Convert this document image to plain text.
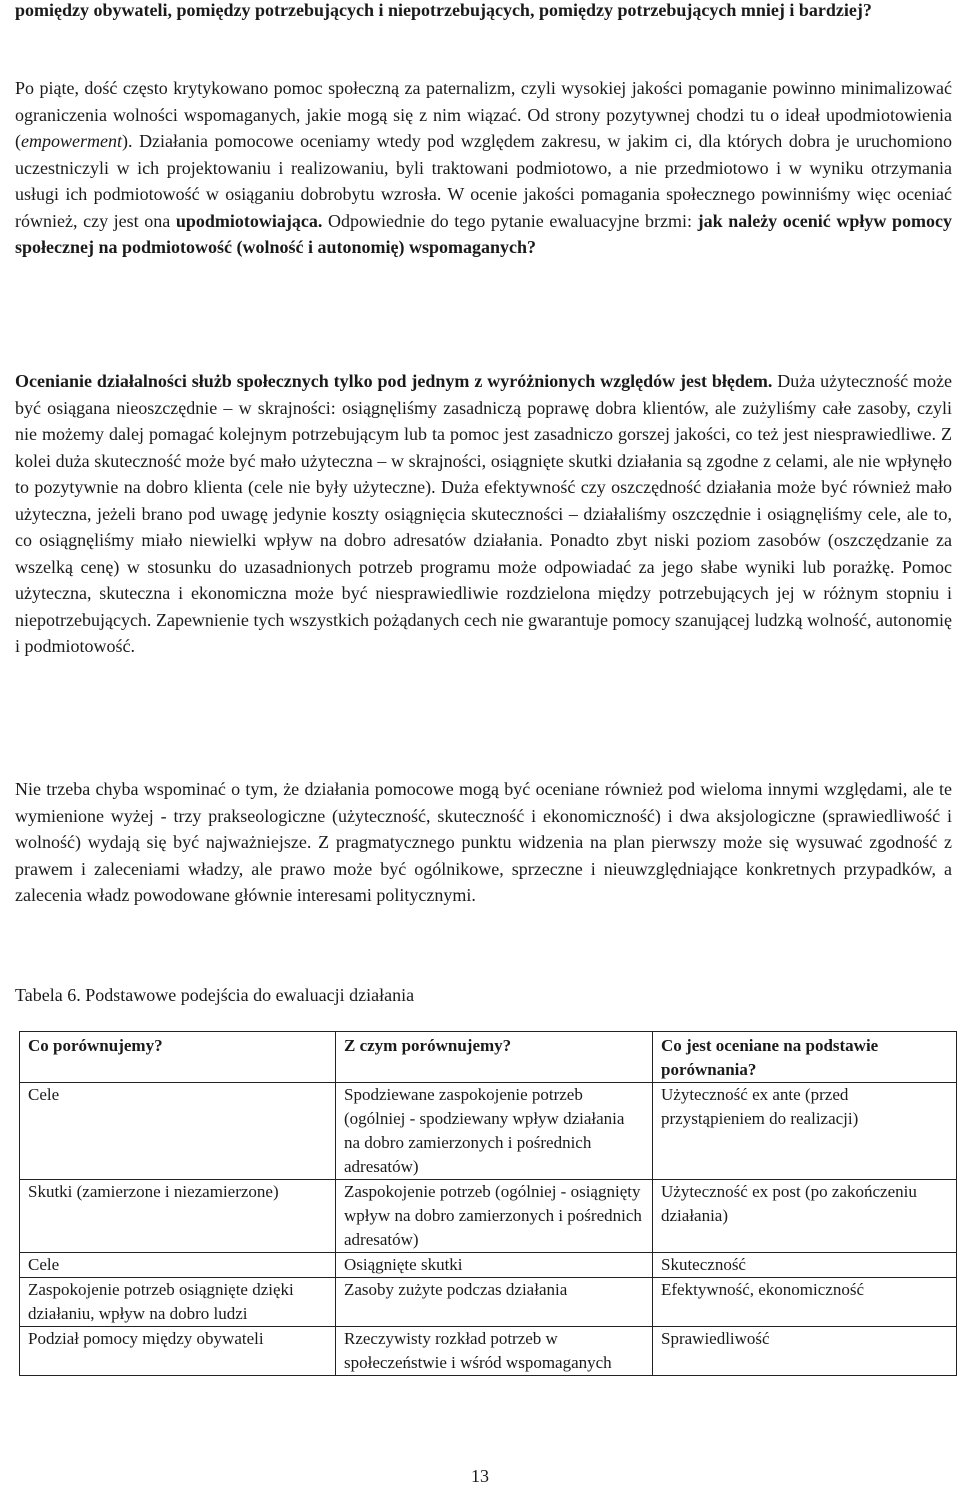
pomiędzy obywateli, pomiędzy potrzebujących i niepotrzebujących, pomiędzy potrzebujących mniej i bardziej?

Po piąte, dość często krytykowano pomoc społeczną za paternalizm, czyli wysokiej jakości pomaganie powinno minimalizować ograniczenia wolności wspomaganych, jakie mogą się z nim wiązać. Od strony pozytywnej chodzi tu o ideał upodmiotowienia (empowerment). Działania pomocowe oceniamy wtedy pod względem zakresu, w jakim ci, dla których dobra je uruchomiono uczestniczyli w ich projektowaniu i realizowaniu, byli traktowani podmiotowo, a nie przedmiotowo i w wyniku otrzymania usługi ich podmiotowość w osiąganiu dobrobytu wzrosła. W ocenie jakości pomagania społecznego powinniśmy więc oceniać również, czy jest ona upodmiotowiająca. Odpowiednie do tego pytanie ewaluacyjne brzmi: jak należy ocenić wpływ pomocy społecznej na podmiotowość (wolność i autonomię) wspomaganych?

Ocenianie działalności służb społecznych tylko pod jednym z wyróżnionych względów jest błędem. Duża użyteczność może być osiągana nieoszczędnie – w skrajności: osiągnęliśmy zasadniczą poprawę dobra klientów, ale zużyliśmy całe zasoby, czyli nie możemy dalej pomagać kolejnym potrzebującym lub ta pomoc jest zasadniczo gorszej jakości, co też jest niesprawiedliwe. Z kolei duża skuteczność może być mało użyteczna – w skrajności, osiągnięte skutki działania są zgodne z celami, ale nie wpłynęło to pozytywnie na dobro klienta (cele nie były użyteczne). Duża efektywność czy oszczędność działania może być również mało użyteczna, jeżeli brano pod uwagę jedynie koszty osiągnięcia skuteczności – działaliśmy oszczędnie i osiągnęliśmy cele, ale to, co osiągnęliśmy miało niewielki wpływ na dobro adresatów działania. Ponadto zbyt niski poziom zasobów (oszczędzanie za wszelką cenę) w stosunku do uzasadnionych potrzeb programu może odpowiadać za jego słabe wyniki lub porażkę. Pomoc użyteczna, skuteczna i ekonomiczna może być niesprawiedliwie rozdzielona między potrzebujących jej w różnym stopniu i niepotrzebujących. Zapewnienie tych wszystkich pożądanych cech nie gwarantuje pomocy szanującej ludzką wolność, autonomię i podmiotowość.

Nie trzeba chyba wspominać o tym, że działania pomocowe mogą być oceniane również pod wieloma innymi względami, ale te wymienione wyżej - trzy prakseologiczne (użyteczność, skuteczność i ekonomiczność) i dwa aksjologiczne (sprawiedliwość i wolność) wydają się być najważniejsze. Z pragmatycznego punktu widzenia na plan pierwszy może się wysuwać zgodność z prawem i zaleceniami władzy, ale prawo może być ogólnikowe, sprzeczne i nieuwzględniające konkretnych przypadków, a zalecenia władz powodowane głównie interesami politycznymi.

Tabela 6. Podstawowe podejścia do ewaluacji działania

Co porównujemy?	Z czym porównujemy?	Co jest oceniane na podstawie porównania?
Cele	Spodziewane zaspokojenie potrzeb (ogólniej - spodziewany wpływ działania na dobro zamierzonych i pośrednich adresatów)	Użyteczność ex ante (przed przystąpieniem do realizacji)
Skutki (zamierzone i niezamierzone)	Zaspokojenie potrzeb (ogólniej - osiągnięty wpływ na dobro zamierzonych i pośrednich adresatów)	Użyteczność ex post (po zakończeniu działania)
Cele	Osiągnięte skutki	Skuteczność
Zaspokojenie potrzeb osiągnięte dzięki działaniu, wpływ na dobro ludzi	Zasoby zużyte podczas działania	Efektywność, ekonomiczność
Podział pomocy między obywateli	Rzeczywisty rozkład potrzeb w społeczeństwie i wśród wspomaganych	Sprawiedliwość
13
